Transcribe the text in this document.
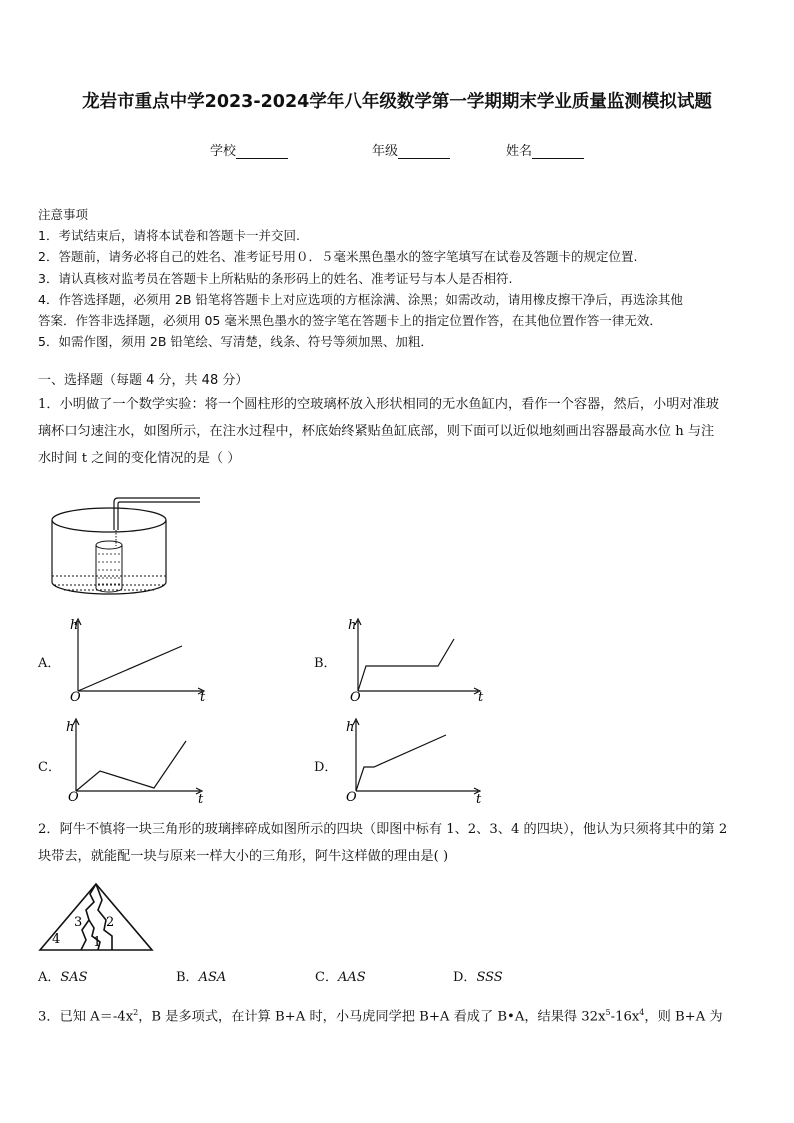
龙岩市重点中学2023-2024学年八年级数学第一学期期末学业质量监测模拟试题
学校	年级	姓名
注意事项
1．考试结束后，请将本试卷和答题卡一并交回.
2．答题前，请务必将自己的姓名、准考证号用０．５毫米黑色墨水的签字笔填写在试卷及答题卡的规定位置.
3．请认真核对监考员在答题卡上所粘贴的条形码上的姓名、准考证号与本人是否相符.
4．作答选择题，必须用 2B 铅笔将答题卡上对应选项的方框涂满、涂黑；如需改动，请用橡皮擦干净后，再选涂其他
答案．作答非选择题，必须用 05 毫米黑色墨水的签字笔在答题卡上的指定位置作答，在其他位置作答一律无效．
5．如需作图，须用 2B 铅笔绘、写清楚，线条、符号等须加黑、加粗．
一、选择题（每题 4 分，共 48 分）
1．小明做了一个数学实验：将一个圆柱形的空玻璃杯放入形状相同的无水鱼缸内，看作一个容器，然后，小明对准玻
璃杯口匀速注水，如图所示，在注水过程中，杯底始终紧贴鱼缸底部，则下面可以近似地刻画出容器最高水位 h 与注
水时间 t 之间的变化情况的是（ ）
A．
h
O	t
B．
h
O	t
C．
h
O	t
D．
h
O	t
2．阿牛不慎将一块三角形的玻璃摔碎成如图所示的四块（即图中标有 1、2、3、4 的四块），他认为只须将其中的第 2
块带去，就能配一块与原来一样大小的三角形，阿牛这样做的理由是( )
3 2
4	1
A．SAS	B．ASA	C．AAS	D．SSS
3．已知 $A=-4x^2$，B 是多项式，在计算 B+A 时，小马虎同学把 B+A 看成了 B•A，结果得 $32x^5-16x^4$，则 B+A 为
